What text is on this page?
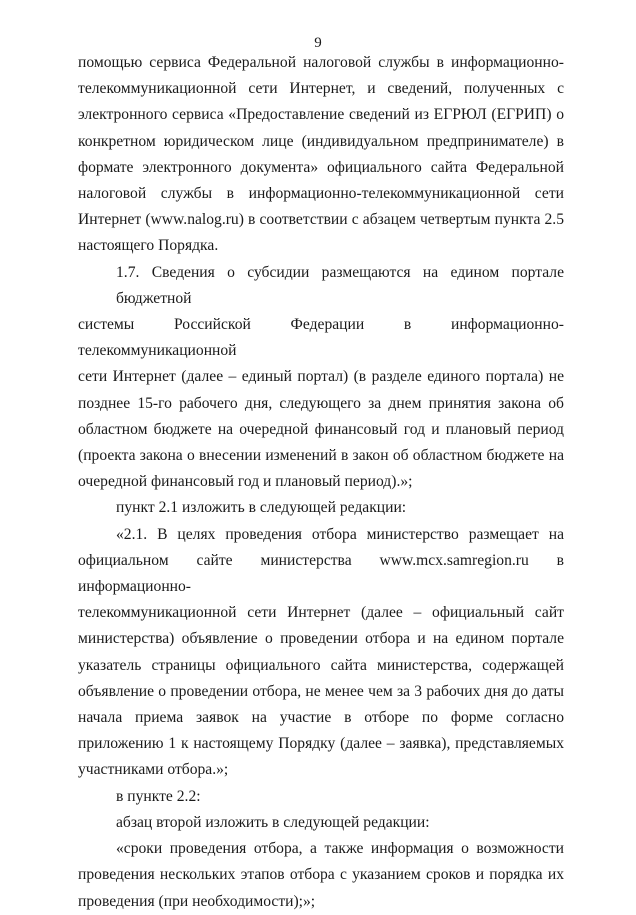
9

помощью сервиса Федеральной налоговой службы в информационно-
телекоммуникационной сети Интернет, и сведений, полученных с
электронного сервиса «Предоставление сведений из ЕГРЮЛ (ЕГРИП) о
конкретном юридическом лице (индивидуальном предпринимателе) в
формате электронного документа» официального сайта Федеральной
налоговой службы в информационно-телекоммуникационной сети
Интернет (www.nalog.ru) в соответствии с абзацем четвертым пункта 2.5
настоящего Порядка.

1.7. Сведения о субсидии размещаются на едином портале бюджетной
системы Российской Федерации в информационно-телекоммуникационной
сети Интернет (далее – единый портал) (в разделе единого портала) не
позднее 15-го рабочего дня, следующего за днем принятия закона об
областном бюджете на очередной финансовый год и плановый период
(проекта закона о внесении изменений в закон об областном бюджете на
очередной финансовый год и плановый период).»;

пункт 2.1 изложить в следующей редакции:

«2.1. В целях проведения отбора министерство размещает на
официальном сайте министерства www.mcx.samregion.ru в информационно-
телекоммуникационной сети Интернет (далее – официальный сайт
министерства) объявление о проведении отбора и на едином портале
указатель страницы официального сайта министерства, содержащей
объявление о проведении отбора, не менее чем за 3 рабочих дня до даты
начала приема заявок на участие в отборе по форме согласно
приложению 1 к настоящему Порядку (далее – заявка), представляемых
участниками отбора.»;

в пункте 2.2:

абзац второй изложить в следующей редакции:

«сроки проведения отбора, а также информация о возможности
проведения нескольких этапов отбора с указанием сроков и порядка их
проведения (при необходимости);»;
